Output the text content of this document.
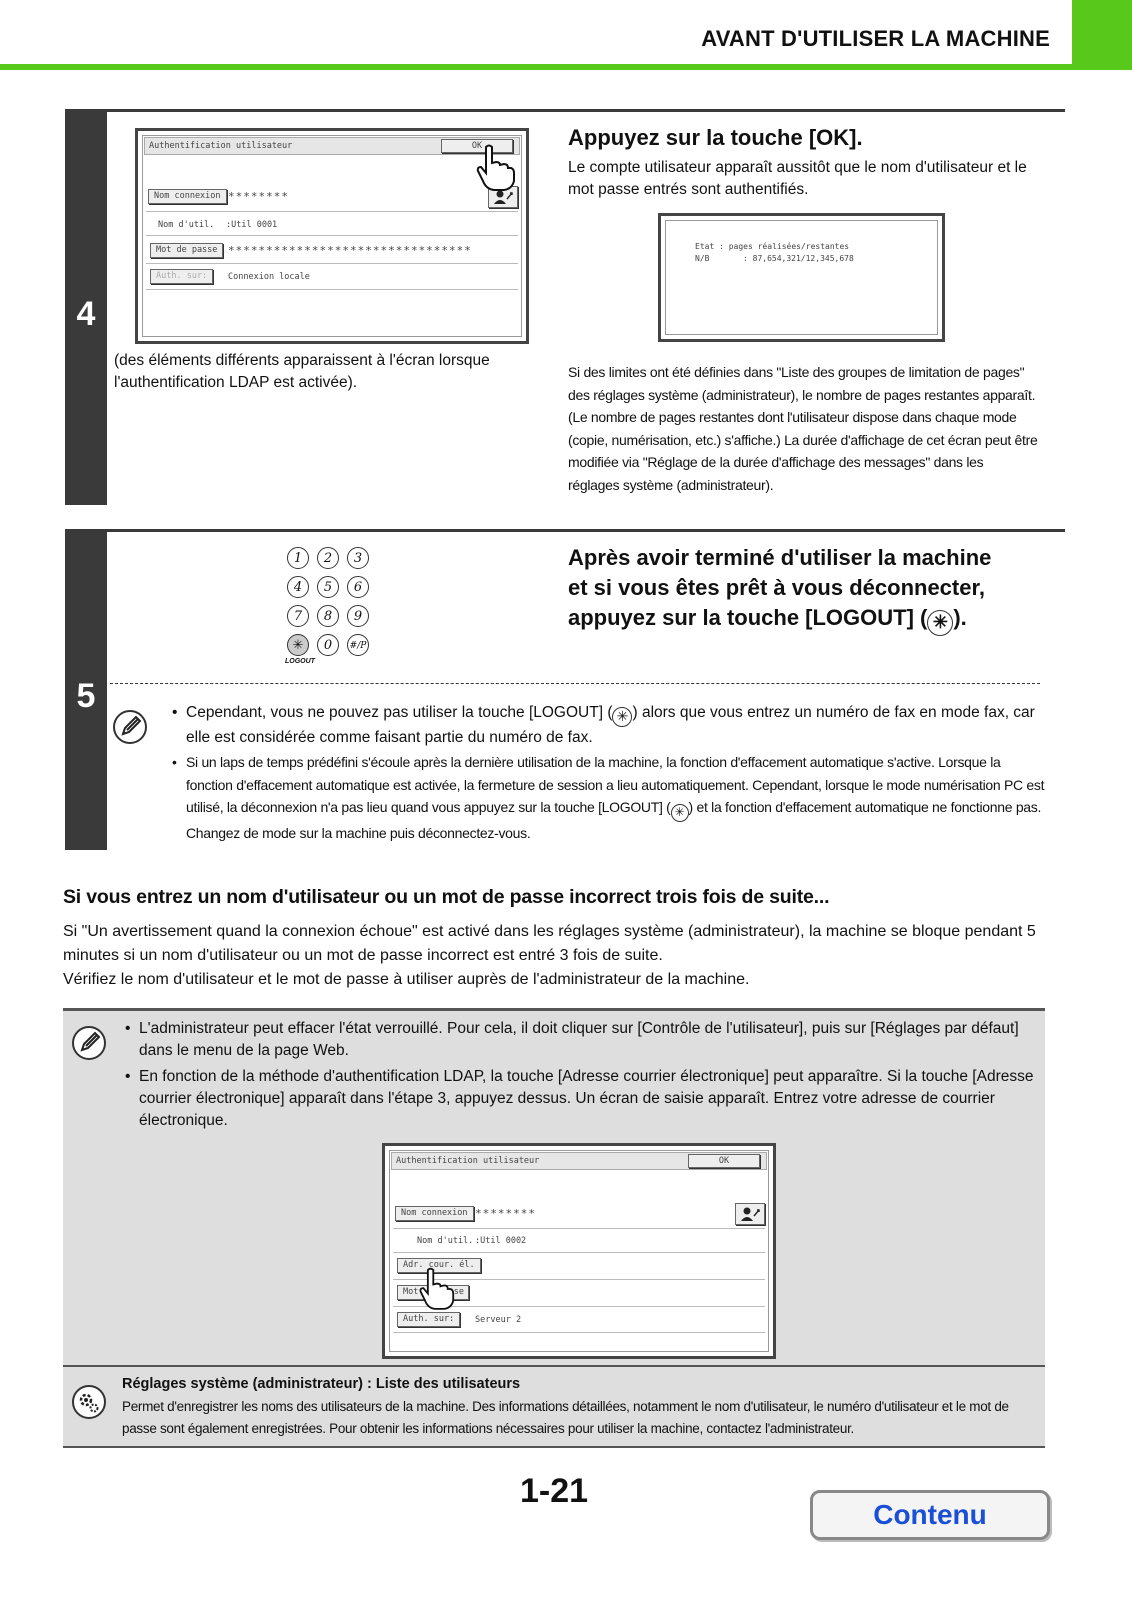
AVANT D'UTILISER LA MACHINE
4
Authentification utilisateur	OK
Nom connexion ********
Nom d'util. :Util 0001
Mot de passe ********************************
Auth. sur:	Connexion locale

(des éléments différents apparaissent à l'écran lorsque l'authentification LDAP est activée).

Appuyez sur la touche [OK].

Le compte utilisateur apparaît aussitôt que le nom d'utilisateur et le mot passe entrés sont authentifiés.

Etat : pages réalisées/restantes
N/B	: 87,654,321/12,345,678

Si des limites ont été définies dans "Liste des groupes de limitation de pages" des réglages système (administrateur), le nombre de pages restantes apparaît. (Le nombre de pages restantes dont l'utilisateur dispose dans chaque mode (copie, numérisation, etc.) s'affiche.) La durée d'affichage de cet écran peut être modifiée via "Réglage de la durée d'affichage des messages" dans les réglages système (administrateur).

5
1	2	3
4	5	6
7	8	9
✳	0	#/P
LOGOUT
Après avoir terminé d'utiliser la machine
et si vous êtes prêt à vous déconnecter,
appuyez sur la touche [LOGOUT] ( ✳ ).

• Cependant, vous ne pouvez pas utiliser la touche [LOGOUT] ( ✳ ) alors que vous entrez un numéro de fax en mode fax, car elle est considérée comme faisant partie du numéro de fax.

• Si un laps de temps prédéfini s'écoule après la dernière utilisation de la machine, la fonction d'effacement automatique s'active. Lorsque la fonction d'effacement automatique est activée, la fermeture de session a lieu automatiquement. Cependant, lorsque le mode numérisation PC est utilisé, la déconnexion n'a pas lieu quand vous appuyez sur la touche [LOGOUT] ( ✳ ) et la fonction d'effacement automatique ne fonctionne pas. Changez de mode sur la machine puis déconnectez-vous.

Si vous entrez un nom d'utilisateur ou un mot de passe incorrect trois fois de suite...

Si "Un avertissement quand la connexion échoue" est activé dans les réglages système (administrateur), la machine se bloque pendant 5 minutes si un nom d'utilisateur ou un mot de passe incorrect est entré 3 fois de suite.

Vérifiez le nom d'utilisateur et le mot de passe à utiliser auprès de l'administrateur de la machine.

• L'administrateur peut effacer l'état verrouillé. Pour cela, il doit cliquer sur [Contrôle de l'utilisateur], puis sur [Réglages par défaut] dans le menu de la page Web.

• En fonction de la méthode d'authentification LDAP, la touche [Adresse courrier électronique] peut apparaître. Si la touche [Adresse courrier électronique] apparaît dans l'étape 3, appuyez dessus. Un écran de saisie apparaît. Entrez votre adresse de courrier électronique.

Authentification utilisateur	OK
Nom connexion ********
Nom d'util. :Util 0002
Adr. cour. él.
Mot	se
Auth. sur:	Serveur 2
Réglages système (administrateur) : Liste des utilisateurs

Permet d'enregistrer les noms des utilisateurs de la machine. Des informations détaillées, notamment le nom d'utilisateur, le numéro d'utilisateur et le mot de passe sont également enregistrées. Pour obtenir les informations nécessaires pour utiliser la machine, contactez l'administrateur.

1-21
Contenu
